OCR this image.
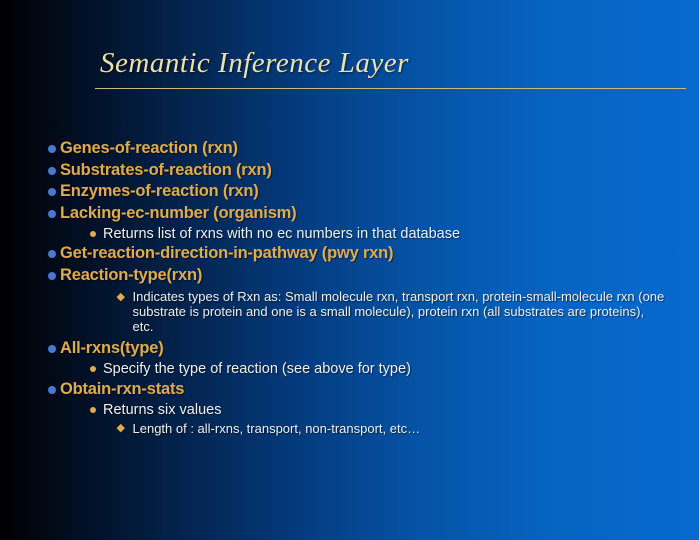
Semantic Inference Layer
Genes-of-reaction (rxn)
Substrates-of-reaction (rxn)
Enzymes-of-reaction (rxn)
Lacking-ec-number (organism)
Returns list of rxns with no ec numbers in that database
Get-reaction-direction-in-pathway (pwy rxn)
Reaction-type(rxn)
Indicates types of Rxn as: Small molecule rxn, transport rxn, protein-small-molecule rxn (one substrate is protein and one is a small molecule), protein rxn (all substrates are proteins), etc.
All-rxns(type)
Specify the type of reaction (see above for type)
Obtain-rxn-stats
Returns six values
Length of : all-rxns, transport, non-transport, etc…
